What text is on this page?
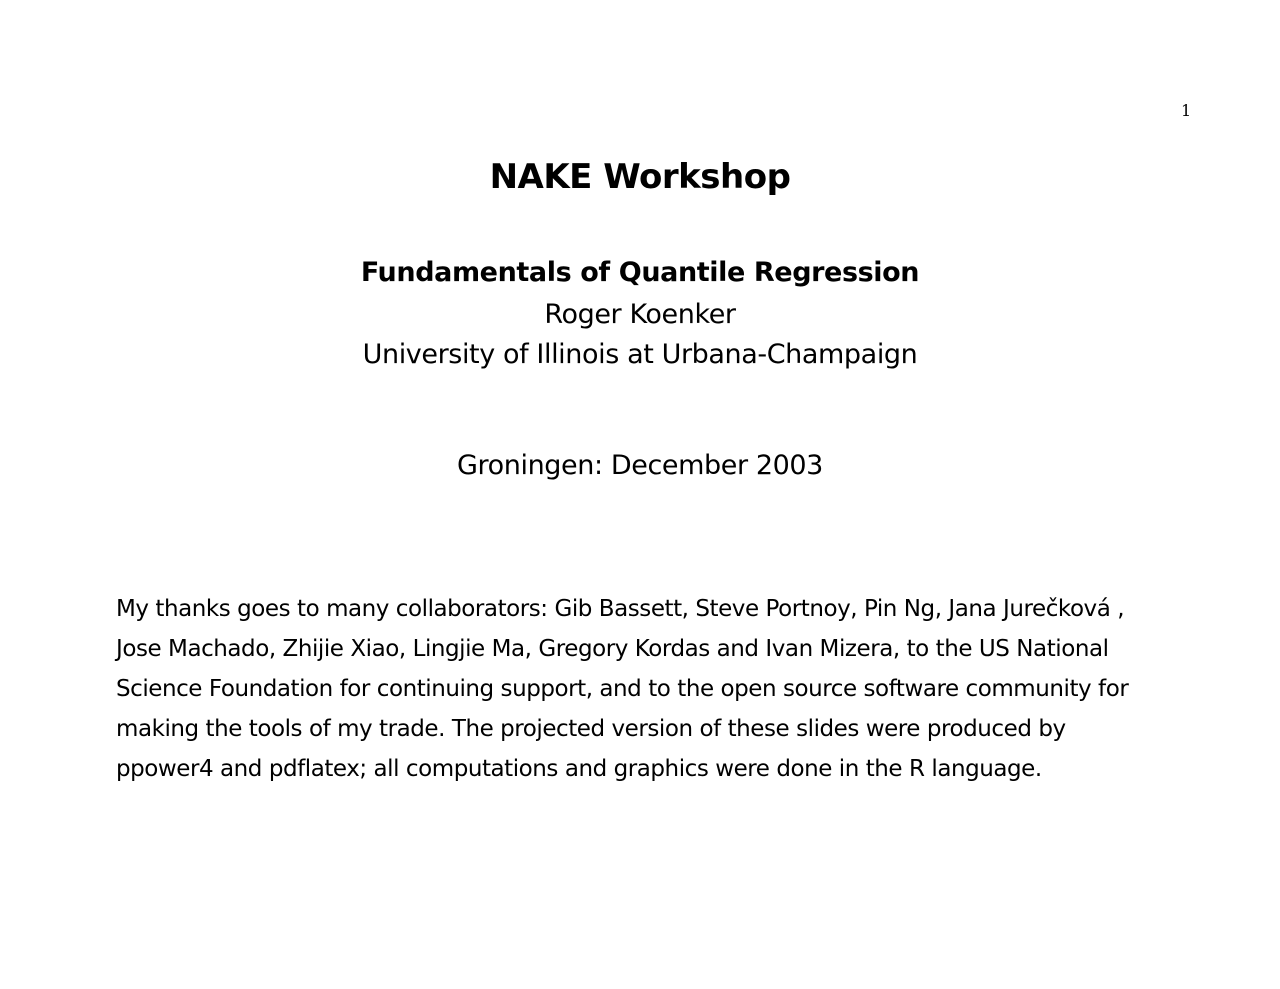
1
NAKE Workshop
Fundamentals of Quantile Regression
Roger Koenker
University of Illinois at Urbana-Champaign
Groningen: December 2003

My thanks goes to many collaborators: Gib Bassett, Steve Portnoy, Pin Ng, Jana Jurečková , Jose Machado, Zhijie Xiao, Lingjie Ma, Gregory Kordas and Ivan Mizera, to the US National Science Foundation for continuing support, and to the open source software community for making the tools of my trade. The projected version of these slides were produced by ppower4 and pdflatex; all computations and graphics were done in the R language.
